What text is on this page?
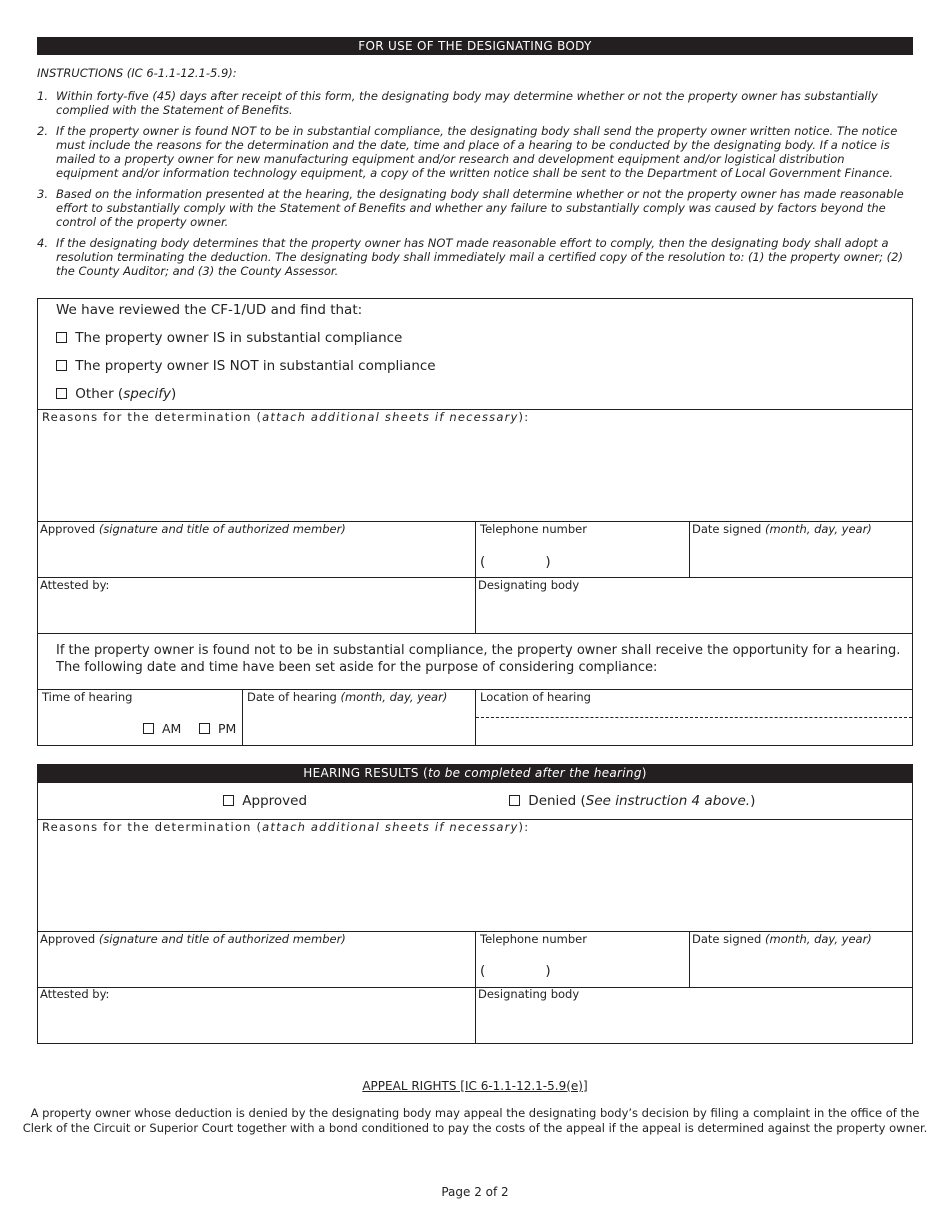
FOR USE OF THE DESIGNATING BODY
INSTRUCTIONS (IC 6-1.1-12.1-5.9):
1. Within forty-five (45) days after receipt of this form, the designating body may determine whether or not the property owner has substantially complied with the Statement of Benefits.
2. If the property owner is found NOT to be in substantial compliance, the designating body shall send the property owner written notice. The notice must include the reasons for the determination and the date, time and place of a hearing to be conducted by the designating body. If a notice is mailed to a property owner for new manufacturing equipment and/or research and development equipment and/or logistical distribution equipment and/or information technology equipment, a copy of the written notice shall be sent to the Department of Local Government Finance.
3. Based on the information presented at the hearing, the designating body shall determine whether or not the property owner has made reasonable effort to substantially comply with the Statement of Benefits and whether any failure to substantially comply was caused by factors beyond the control of the property owner.
4. If the designating body determines that the property owner has NOT made reasonable effort to comply, then the designating body shall adopt a resolution terminating the deduction. The designating body shall immediately mail a certified copy of the resolution to: (1) the property owner; (2) the County Auditor; and (3) the County Assessor.
We have reviewed the CF-1/UD and find that:
The property owner IS in substantial compliance
The property owner IS NOT in substantial compliance
Other (specify)
Reasons for the determination (attach additional sheets if necessary):
Approved (signature and title of authorized member)	Telephone number
(              )
Date signed (month, day, year)
Attested by:	Designating body
If the property owner is found not to be in substantial compliance, the property owner shall receive the opportunity for a hearing.
The following date and time have been set aside for the purpose of considering compliance:
Time of hearing
AM	PM
Date of hearing (month, day, year)	Location of hearing
HEARING RESULTS (to be completed after the hearing)
Approved	Denied (See instruction 4 above.)
Reasons for the determination (attach additional sheets if necessary):
Approved (signature and title of authorized member)	Telephone number
(              )
Date signed (month, day, year)
Attested by:	Designating body
APPEAL RIGHTS [IC 6-1.1-12.1-5.9(e)]
A property owner whose deduction is denied by the designating body may appeal the designating body’s decision by filing a complaint in the office of the
Clerk of the Circuit or Superior Court together with a bond conditioned to pay the costs of the appeal if the appeal is determined against the property owner.
Page 2 of 2
